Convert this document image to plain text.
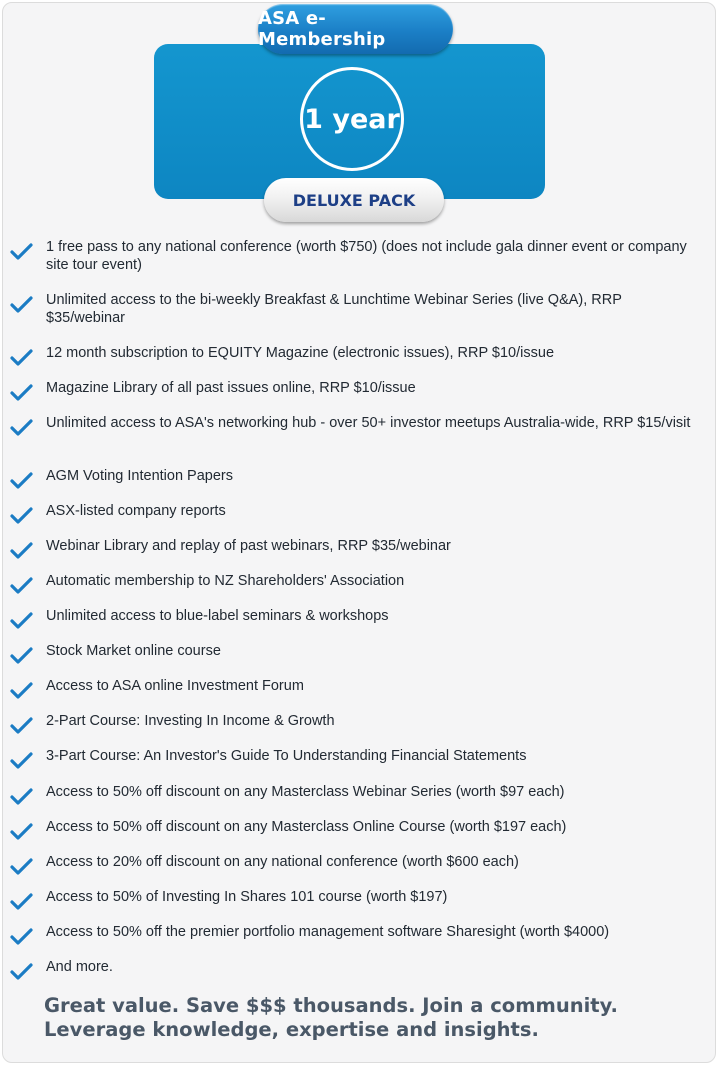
ASA e-Membership
1 year
DELUXE PACK
1 free pass to any national conference (worth $750) (does not include gala dinner event or company site tour event)
Unlimited access to the bi-weekly Breakfast & Lunchtime Webinar Series (live Q&A), RRP $35/webinar
12 month subscription to EQUITY Magazine (electronic issues), RRP $10/issue
Magazine Library of all past issues online, RRP $10/issue
Unlimited access to ASA's networking hub - over 50+ investor meetups Australia-wide, RRP $15/visit
AGM Voting Intention Papers
ASX-listed company reports
Webinar Library and replay of past webinars, RRP $35/webinar
Automatic membership to NZ Shareholders' Association
Unlimited access to blue-label seminars & workshops
Stock Market online course
Access to ASA online Investment Forum
2-Part Course: Investing In Income & Growth
3-Part Course: An Investor's Guide To Understanding Financial Statements
Access to 50% off discount on any Masterclass Webinar Series (worth $97 each)
Access to 50% off discount on any Masterclass Online Course (worth $197 each)
Access to 20% off discount on any national conference (worth $600 each)
Access to 50% of Investing In Shares 101 course (worth $197)
Access to 50% off the premier portfolio management software Sharesight (worth $4000)
And more.
Great value. Save $$$ thousands. Join a community.
Leverage knowledge, expertise and insights.
